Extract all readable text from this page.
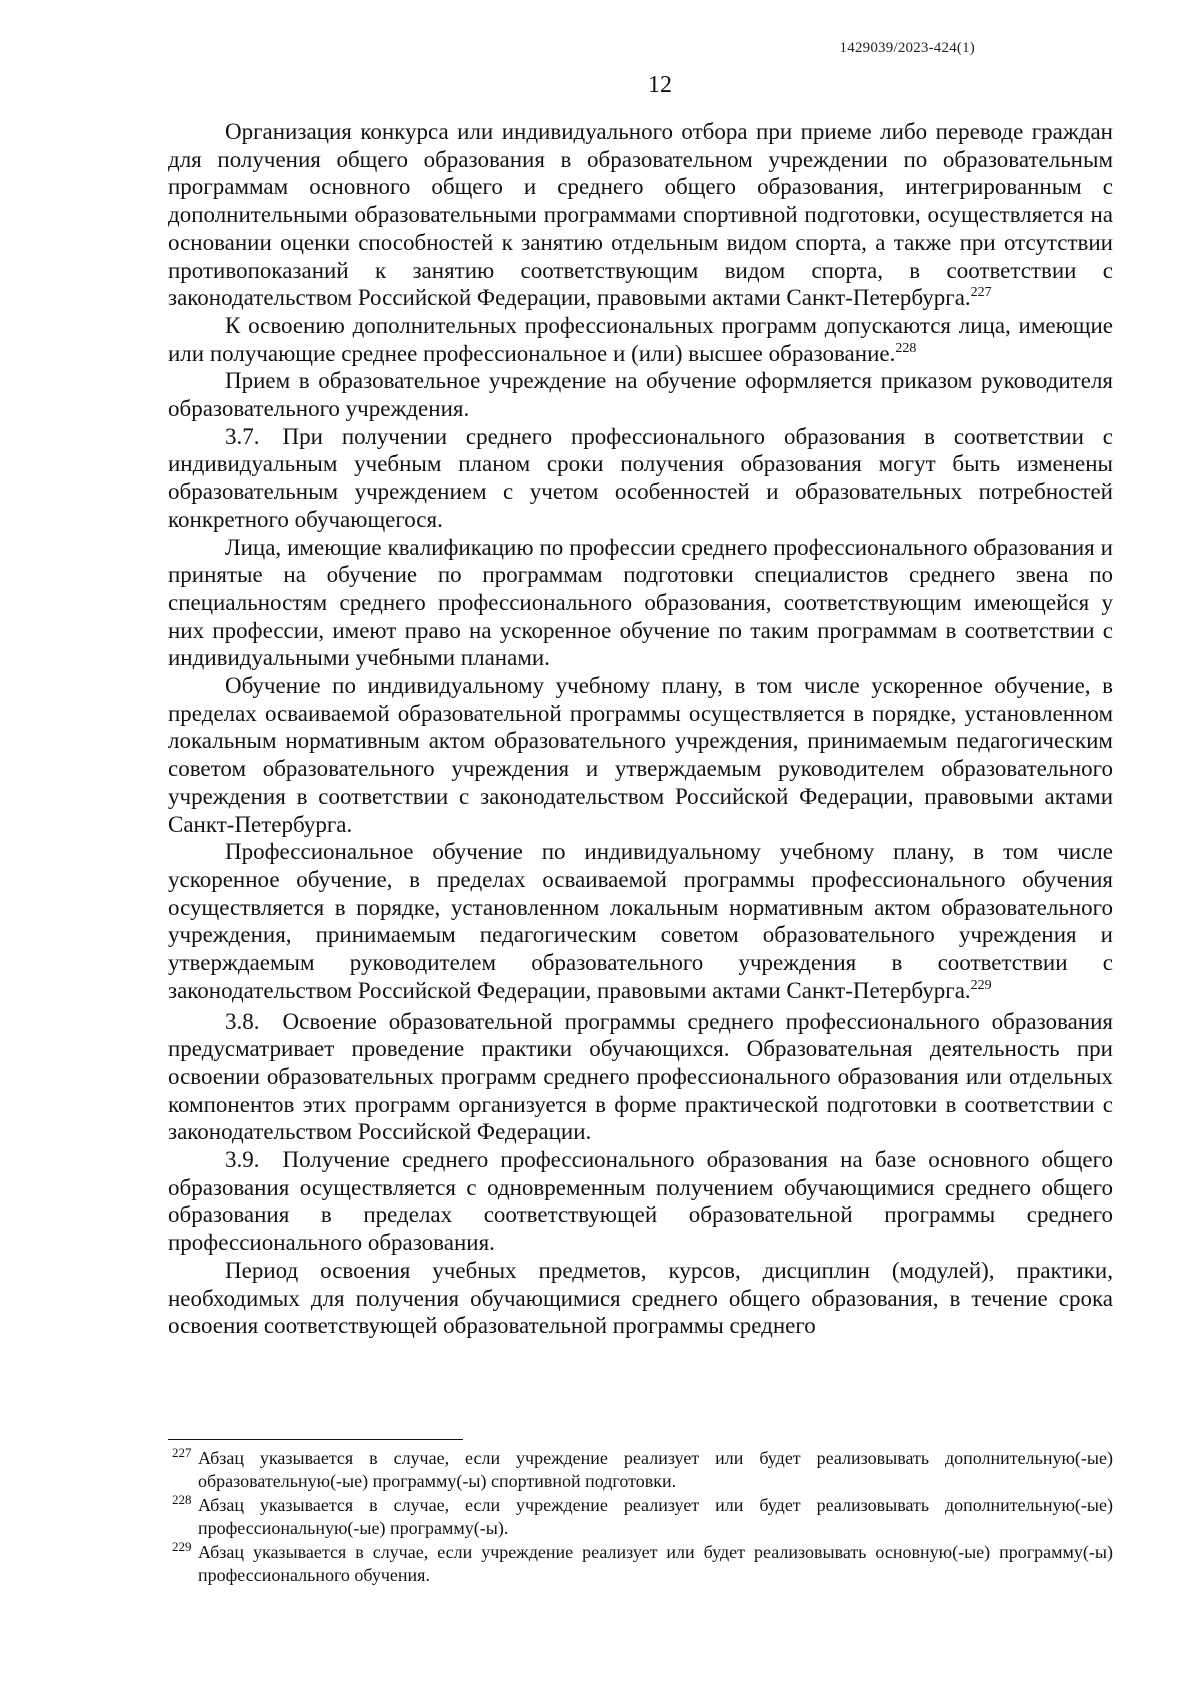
1429039/2023-424(1)
12

Организация конкурса или индивидуального отбора при приеме либо переводе граждан для получения общего образования в образовательном учреждении по образовательным программам основного общего и среднего общего образования, интегрированным с дополнительными образовательными программами спортивной подготовки, осуществляется на основании оценки способностей к занятию отдельным видом спорта, а также при отсутствии противопоказаний к занятию соответствующим видом спорта, в соответствии с законодательством Российской Федерации, правовыми актами Санкт-Петербурга.$^{227}$

К освоению дополнительных профессиональных программ допускаются лица, имеющие или получающие среднее профессиональное и (или) высшее образование.$^{228}$

Прием в образовательное учреждение на обучение оформляется приказом руководителя образовательного учреждения.

3.7. При получении среднего профессионального образования в соответствии с индивидуальным учебным планом сроки получения образования могут быть изменены образовательным учреждением с учетом особенностей и образовательных потребностей конкретного обучающегося.

Лица, имеющие квалификацию по профессии среднего профессионального образования и принятые на обучение по программам подготовки специалистов среднего звена по специальностям среднего профессионального образования, соответствующим имеющейся у них профессии, имеют право на ускоренное обучение по таким программам в соответствии с индивидуальными учебными планами.

Обучение по индивидуальному учебному плану, в том числе ускоренное обучение, в пределах осваиваемой образовательной программы осуществляется в порядке, установленном локальным нормативным актом образовательного учреждения, принимаемым педагогическим советом образовательного учреждения и утверждаемым руководителем образовательного учреждения в соответствии с законодательством Российской Федерации, правовыми актами Санкт-Петербурга.

Профессиональное обучение по индивидуальному учебному плану, в том числе ускоренное обучение, в пределах осваиваемой программы профессионального обучения осуществляется в порядке, установленном локальным нормативным актом образовательного учреждения, принимаемым педагогическим советом образовательного учреждения и утверждаемым руководителем образовательного учреждения в соответствии с законодательством Российской Федерации, правовыми актами Санкт-Петербурга.$^{229}$

3.8. Освоение образовательной программы среднего профессионального образования предусматривает проведение практики обучающихся. Образовательная деятельность при освоении образовательных программ среднего профессионального образования или отдельных компонентов этих программ организуется в форме практической подготовки в соответствии с законодательством Российской Федерации.

3.9. Получение среднего профессионального образования на базе основного общего образования осуществляется с одновременным получением обучающимися среднего общего образования в пределах соответствующей образовательной программы среднего профессионального образования.

Период освоения учебных предметов, курсов, дисциплин (модулей), практики, необходимых для получения обучающимися среднего общего образования, в течение срока освоения соответствующей образовательной программы среднего

227 Абзац указывается в случае, если учреждение реализует или будет реализовывать дополнительную(-ые) образовательную(-ые) программу(-ы) спортивной подготовки.
228 Абзац указывается в случае, если учреждение реализует или будет реализовывать дополнительную(-ые) профессиональную(-ые) программу(-ы).
229 Абзац указывается в случае, если учреждение реализует или будет реализовывать основную(-ые) программу(-ы) профессионального обучения.
